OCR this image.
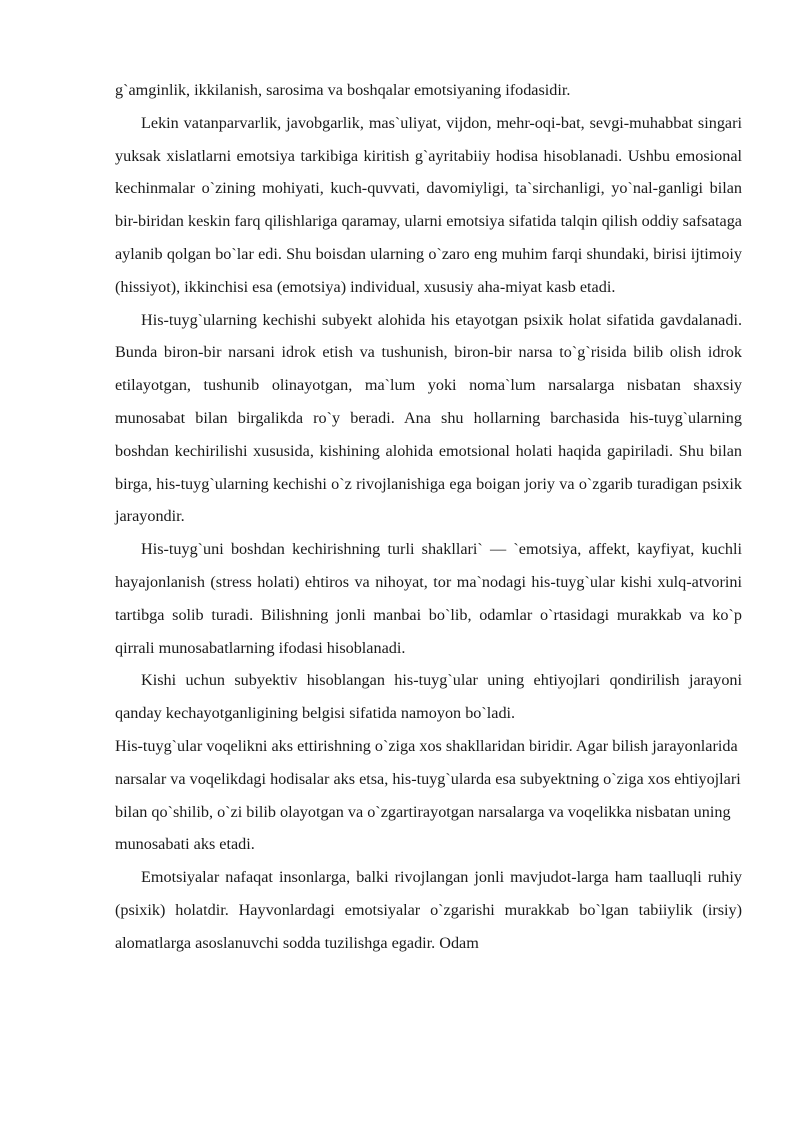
g`amginlik, ikkilanish, sarosima va boshqalar emotsiyaning ifodasidir.

Lekin vatanparvarlik, javobgarlik, mas`uliyat, vijdon, mehr-oqi-bat, sevgi-muhabbat singari yuksak xislatlarni emotsiya tarkibiga kiritish g`ayritabiiy hodisa hisoblanadi. Ushbu emosional kechinmalar o`zining mohiyati, kuch-quvvati, davomiyligi, ta`sirchanligi, yo`nal-ganligi bilan bir-biridan keskin farq qilishlariga qaramay, ularni emotsiya sifatida talqin qilish oddiy safsataga aylanib qolgan bo`lar edi. Shu boisdan ularning o`zaro eng muhim farqi shundaki, birisi ijtimoiy (hissiyot), ikkinchisi esa (emotsiya) individual, xususiy aha-miyat kasb etadi.

His-tuyg`ularning kechishi subyekt alohida his etayotgan psixik holat sifatida gavdalanadi. Bunda biron-bir narsani idrok etish va tushunish, biron-bir narsa to`g`risida bilib olish idrok etilayotgan, tushunib olinayotgan, ma`lum yoki noma`lum narsalarga nisbatan shaxsiy munosabat bilan birgalikda ro`y beradi. Ana shu hollarning barchasida his-tuyg`ularning boshdan kechirilishi xususida, kishining alohida emotsional holati haqida gapiriladi. Shu bilan birga, his-tuyg`ularning kechishi o`z rivojlanishiga ega boigan joriy va o`zgarib turadigan psixik jarayondir.

His-tuyg`uni boshdan kechirishning turli shakllari` — `emotsiya, affekt, kayfiyat, kuchli hayajonlanish (stress holati) ehtiros va nihoyat, tor ma`nodagi his-tuyg`ular kishi xulq-atvorini tartibga solib turadi. Bilishning jonli manbai bo`lib, odamlar o`rtasidagi murakkab va ko`p qirrali munosabatlarning ifodasi hisoblanadi.

Kishi uchun subyektiv hisoblangan his-tuyg`ular uning ehtiyojlari qondirilish jarayoni qanday kechayotganligining belgisi sifatida namoyon bo`ladi.

His-tuyg`ular voqelikni aks ettirishning o`ziga xos shakllaridan biridir. Agar bilish jarayonlarida narsalar va voqelikdagi hodisalar aks etsa, his-tuyg`ularda esa subyektning o`ziga xos ehtiyojlari bilan qo`shilib, o`zi bilib olayotgan va o`zgartirayotgan narsalarga va voqelikka nisbatan uning munosabati aks etadi.

Emotsiyalar nafaqat insonlarga, balki rivojlangan jonli mavjudot-larga ham taalluqli ruhiy (psixik) holatdir. Hayvonlardagi emotsiyalar o`zgarishi murakkab bo`lgan tabiiylik (irsiy) alomatlarga asoslanuvchi sodda tuzilishga egadir. Odam
